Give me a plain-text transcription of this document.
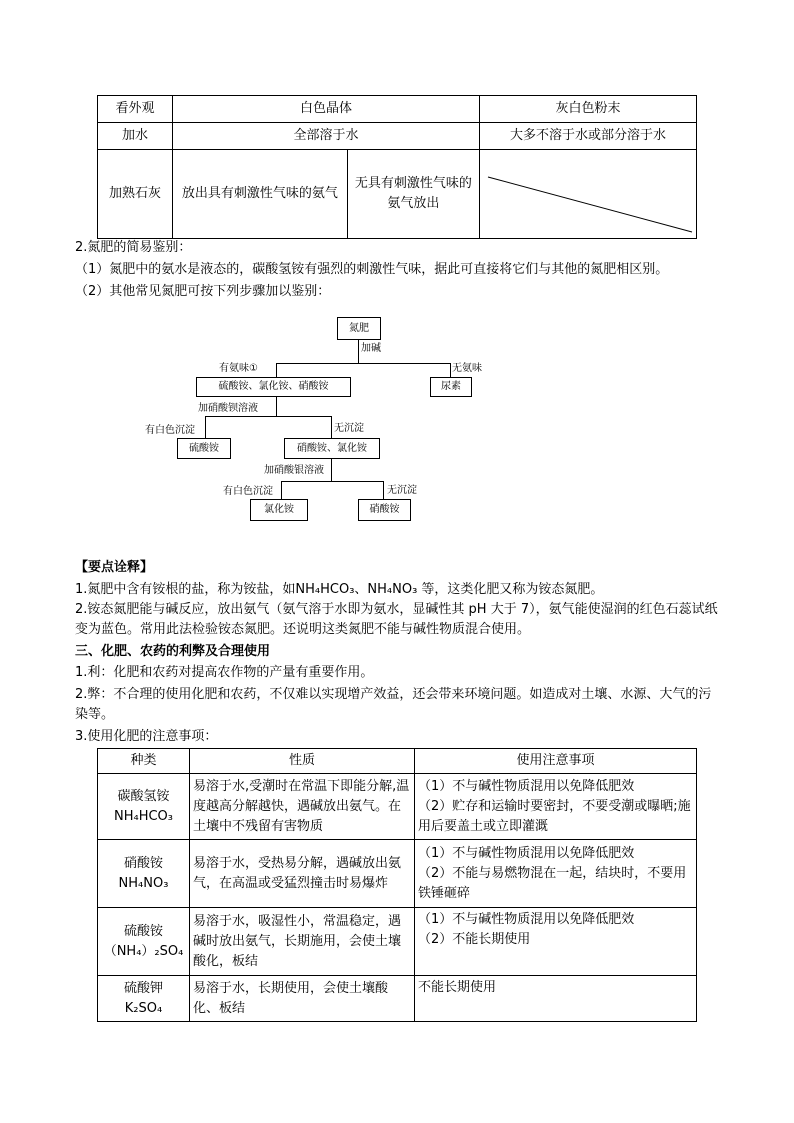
看外观	白色晶体		灰白色粉末
加水	全部溶于水		大多不溶于水或部分溶于水
加熟石灰	放出具有刺激性气味的氨气	无具有刺激性气味的氨气放出	
2.氮肥的简易鉴别：
（1）氮肥中的氨水是液态的，碳酸氢铵有强烈的刺激性气味，据此可直接将它们与其他的氮肥相区别。
（2）其他常见氮肥可按下列步骤加以鉴别：
氮肥
加碱
有氨味①	无氨味
硫酸铵、氯化铵、硝酸铵	尿素
加硝酸钡溶液
有白色沉淀	无沉淀
硫酸铵	硝酸铵、氯化铵
加硝酸银溶液
有白色沉淀	无沉淀
氯化铵	硝酸铵
【要点诠释】
1.氮肥中含有铵根的盐，称为铵盐，如NH₄HCO₃、NH₄NO₃ 等，这类化肥又称为铵态氮肥。
2.铵态氮肥能与碱反应，放出氨气（氨气溶于水即为氨水，显碱性其 pH 大于 7），氨气能使湿润的红色石蕊试纸变为蓝色。常用此法检验铵态氮肥。还说明这类氮肥不能与碱性物质混合使用。
三、化肥、农药的利弊及合理使用
1.利：化肥和农药对提高农作物的产量有重要作用。
2.弊：不合理的使用化肥和农药，不仅难以实现增产效益，还会带来环境问题。如造成对土壤、水源、大气的污染等。
3.使用化肥的注意事项：
种类	性质	使用注意事项

碳酸氢铵
NH₄HCO₃	易溶于水,受潮时在常温下即能分解,温度越高分解越快，遇碱放出氨气。在土壤中不残留有害物质	（1）不与碱性物质混用以免降低肥效
（2）贮存和运输时要密封，不要受潮或曝晒;施用后要盖土或立即灌溉

硝酸铵
NH₄NO₃	易溶于水，受热易分解，遇碱放出氨气，在高温或受猛烈撞击时易爆炸	（1）不与碱性物质混用以免降低肥效
（2）不能与易燃物混在一起，结块时，不要用铁锤砸碎

硫酸铵
（NH₄）₂SO₄	易溶于水，吸湿性小，常温稳定，遇碱时放出氨气，长期施用，会使土壤酸化，板结	（1）不与碱性物质混用以免降低肥效
（2）不能长期使用

硫酸钾
K₂SO₄	易溶于水，长期使用，会使土壤酸化、板结	不能长期使用
